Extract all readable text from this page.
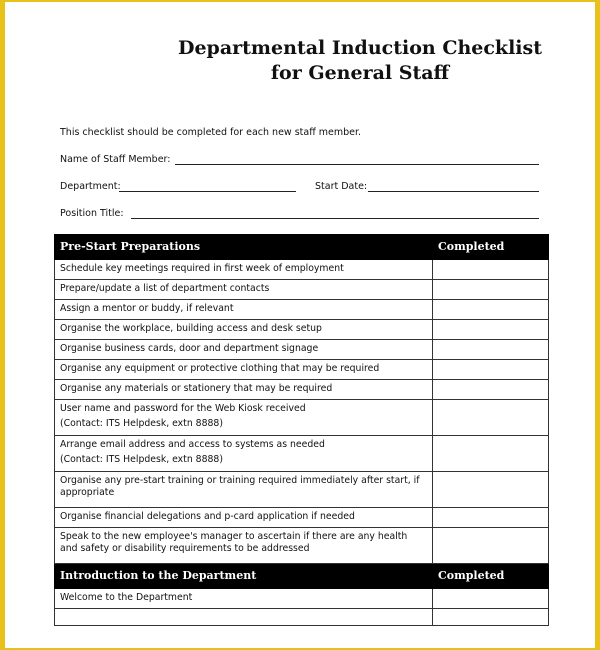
Departmental Induction Checklist
for General Staff
This checklist should be completed for each new staff member.
Name of Staff Member:
Department:	Start Date:
Position Title:
Pre-Start Preparations	Completed
Schedule key meetings required in first week of employment	
Prepare/update a list of department contacts	
Assign a mentor or buddy, if relevant	
Organise the workplace, building access and desk setup	
Organise business cards, door and department signage	
Organise any equipment or protective clothing that may be required	
Organise any materials or stationery that may be required	
User name and password for the Web Kiosk received
(Contact: ITS Helpdesk, extn 8888)	

Arrange email address and access to systems as needed
(Contact: ITS Helpdesk, extn 8888)	

Organise any pre-start training or training required immediately after start, if appropriate	
Organise financial delegations and p-card application if needed	
Speak to the new employee's manager to ascertain if there are any health and safety or disability requirements to be addressed	
Introduction to the Department	Completed
Welcome to the Department	
